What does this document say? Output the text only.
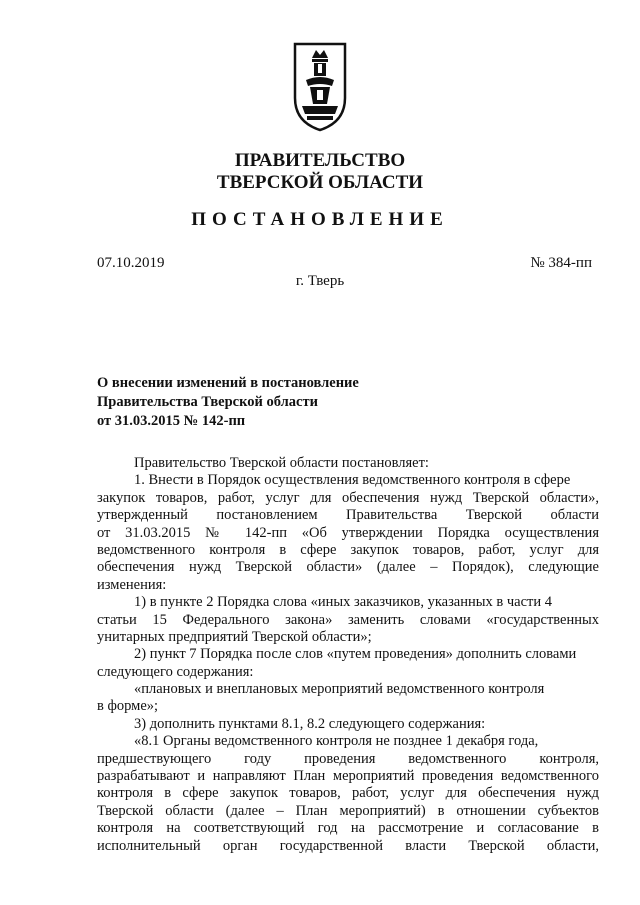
ПРАВИТЕЛЬСТВО
ТВЕРСКОЙ ОБЛАСТИ
ПОСТАНОВЛЕНИЕ
07.10.2019	№ 384-пп
г. Тверь
О внесении изменений в постановление
Правительства Тверской области
от 31.03.2015 № 142-пп
Правительство Тверской области постановляет:
1. Внести в Порядок осуществления ведомственного контроля в сфере
закупок товаров, работ, услуг для обеспечения нужд Тверской области»,
утвержденный постановлением Правительства Тверской области
от 31.03.2015 № 142-пп «Об утверждении Порядка осуществления
ведомственного контроля в сфере закупок товаров, работ, услуг для
обеспечения нужд Тверской области» (далее – Порядок), следующие
изменения:
1) в пункте 2 Порядка слова «иных заказчиков, указанных в части 4
статьи 15 Федерального закона» заменить словами «государственных
унитарных предприятий Тверской области»;
2) пункт 7 Порядка после слов «путем проведения» дополнить словами
следующего содержания:
«плановых и внеплановых мероприятий ведомственного контроля
в форме»;
3) дополнить пунктами 8.1, 8.2 следующего содержания:
«8.1 Органы ведомственного контроля не позднее 1 декабря года,
предшествующего году проведения ведомственного контроля,
разрабатывают и направляют План мероприятий проведения ведомственного
контроля в сфере закупок товаров, работ, услуг для обеспечения нужд
Тверской области (далее – План мероприятий) в отношении субъектов
контроля на соответствующий год на рассмотрение и согласование в
исполнительный орган государственной власти Тверской области,
